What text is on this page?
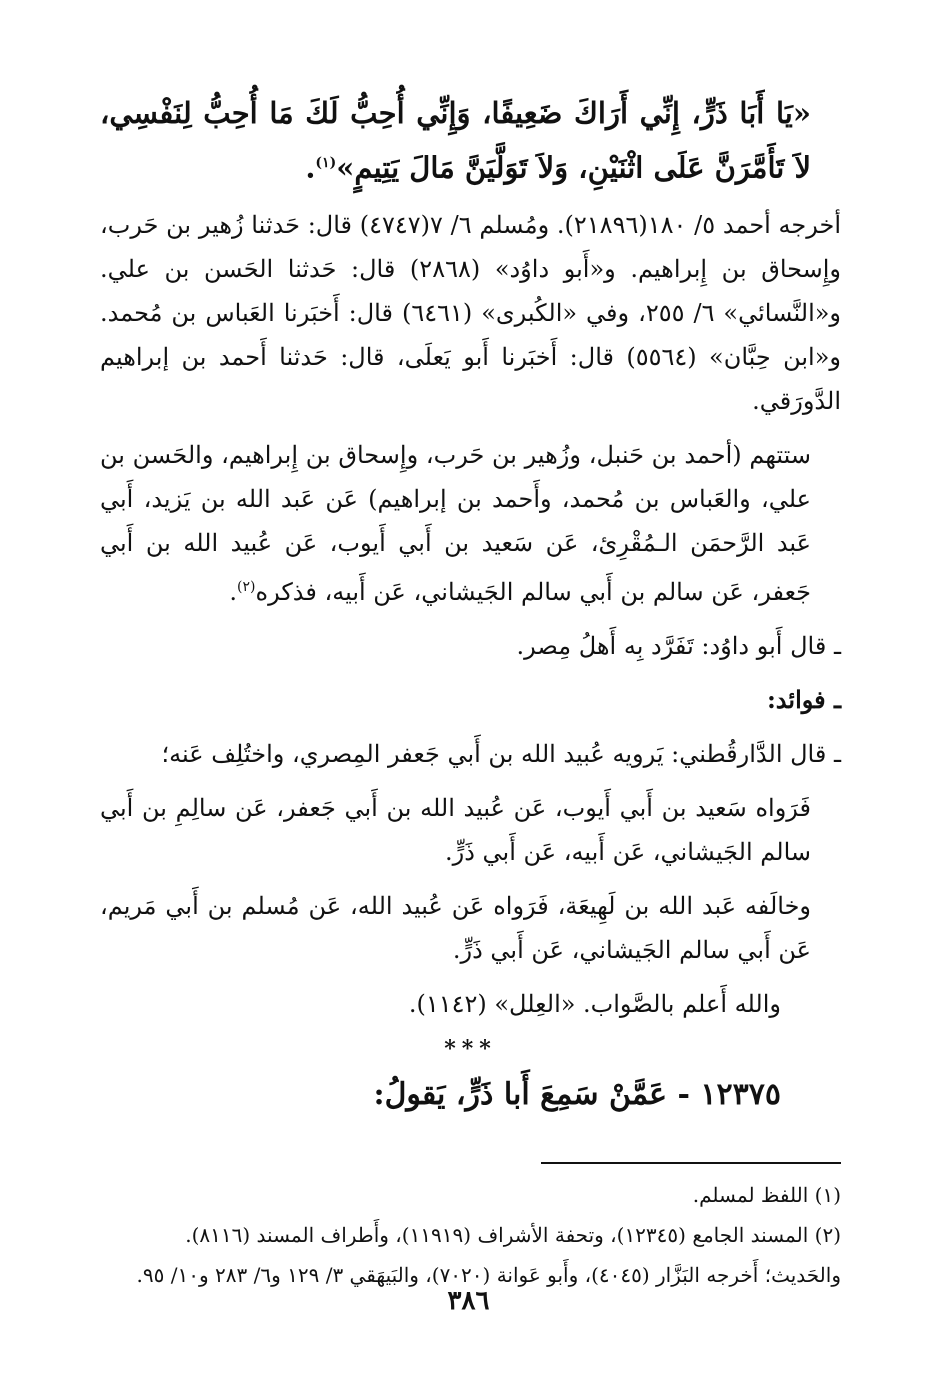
«يَا أَبَا ذَرٍّ، إِنِّي أَرَاكَ ضَعِيفًا، وَإِنِّي أُحِبُّ لَكَ مَا أُحِبُّ لِنَفْسِي، لاَ تَأَمَّرَنَّ عَلَى اثْنَيْنِ، وَلاَ تَوَلَّيَنَّ مَالَ يَتِيمٍ»$^{(١)}$.

أخرجه أحمد ٥/ ١٨٠(٢١٨٩٦). ومُسلم ٦/ ٧(٤٧٤٧) قال: حَدثنا زُهير بن حَرب، وإِسحاق بن إِبراهيم. و«أَبو داوُد» (٢٨٦٨) قال: حَدثنا الحَسن بن علي. و«النَّسائي» ٦/ ٢٥٥، وفي «الكُبرى» (٦٤٦١) قال: أَخبَرنا العَباس بن مُحمد. و«ابن حِبَّان» (٥٥٦٤) قال: أَخبَرنا أَبو يَعلَى، قال: حَدثنا أَحمد بن إبراهيم الدَّورَقي.

ستتهم (أحمد بن حَنبل، وزُهير بن حَرب، وإِسحاق بن إِبراهيم، والحَسن بن علي، والعَباس بن مُحمد، وأَحمد بن إبراهيم) عَن عَبد الله بن يَزيد، أَبي عَبد الرَّحمَن الـمُقْرِئ، عَن سَعيد بن أَبي أَيوب، عَن عُبيد الله بن أَبي جَعفر، عَن سالم بن أَبي سالم الجَيشاني، عَن أَبيه، فذكره$^{(٢)}$.

ـ قال أَبو داوُد: تَفَرَّد بِه أَهلُ مِصر.

ـ فوائد:

ـ قال الدَّارقُطني: يَرويه عُبيد الله بن أَبي جَعفر المِصري، واختُلِف عَنه؛

فَرَواه سَعيد بن أَبي أَيوب، عَن عُبيد الله بن أَبي جَعفر، عَن سالِمِ بن أَبي سالم الجَيشاني، عَن أَبيه، عَن أَبي ذَرٍّ.

وخالَفه عَبد الله بن لَهِيعَة، فَرَواه عَن عُبيد الله، عَن مُسلم بن أَبي مَريم، عَن أَبي سالم الجَيشاني، عَن أَبي ذَرٍّ.

والله أَعلم بالصَّواب. «العِلل» (١١٤٢).

***

١٢٣٧٥ - عَمَّنْ سَمِعَ أَبا ذَرٍّ، يَقولُ:

(١) اللفظ لمسلم.

(٢) المسند الجامع (١٢٣٤٥)، وتحفة الأشراف (١١٩١٩)، وأَطراف المسند (٨١١٦).

والحَديث؛ أَخرجه البَزَّار (٤٠٤٥)، وأَبو عَوانة (٧٠٢٠)، والبَيهَقي ٣/ ١٢٩ و٦/ ٢٨٣ و١٠/ ٩٥.

٣٨٦
